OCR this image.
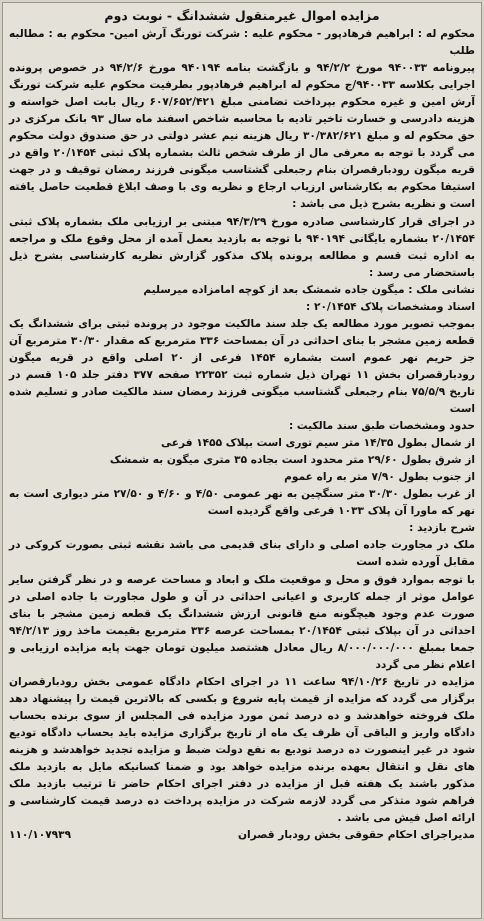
مزایده اموال غیرمنقول ششدانگ - نوبت دوم

محکوم له : ابراهیم فرهادپور - محکوم علیه : شرکت تورنگ آرش امین- محکوم به : مطالبه طلب

پیرونامه ۹۴۰۰۳۳ مورخ ۹۴/۲/۲ و بازگشت بنامه ۹۴۰۱۹۴ مورخ ۹۴/۲/۶ در خصوص پرونده اجرایی بکلاسه ۹۴۰۰۳۳/ج محکوم له ابراهیم فرهادپور بطرفیت محکوم علیه شرکت تورنگ آرش امین و غیره محکوم بپرداخت تضامنی مبلغ ۶۰۷/۶۵۲/۴۲۱ ریال بابت اصل خواسته و هزینه دادرسی و خسارت تاخیر تادیه با محاسبه شاخص اسفند ماه سال ۹۳ بانک مرکزی در حق محکوم له و مبلغ ۳۰/۳۸۲/۶۲۱ ریال هزینه نیم عشر دولتی در حق صندوق دولت محکوم می گردد با توجه به معرفی مال از طرف شخص ثالث بشماره پلاک ثبتی ۲۰/۱۴۵۴ واقع در قریه میگون رودبارقصران بنام رجبعلی گشتاسب میگونی فرزند رمضان توقیف و در جهت استیفا محکوم به بکارشناس ارزیاب ارجاع و نظریه وی با وصف ابلاغ قطعیت حاصل یافته است و نظریه بشرح ذیل می باشد :

در اجرای قرار کارشناسی صادره مورخ ۹۴/۳/۲۹ مبتنی بر ارزیابی ملک بشماره پلاک ثبتی ۲۰/۱۴۵۴ بشماره بایگانی ۹۴۰۱۹۴ با توجه به بازدید بعمل آمده از محل وقوع ملک و مراجعه به اداره ثبت قسم و مطالعه پرونده پلاک مذکور گزارش نظریه کارشناسی بشرح ذیل باستحضار می رسد :

نشانی ملک : میگون جاده شمشک بعد از کوچه امامزاده میرسلیم

اسناد ومشخصات پلاک ۲۰/۱۴۵۴ :

بموجب تصویر مورد مطالعه یک جلد سند مالکیت موجود در پرونده ثبتی برای ششدانگ یک قطعه زمین مشجر با بنای احداثی در آن بمساحت ۳۳۶ مترمربع که مقدار ۳۰/۳۰ مترمربع آن جز حریم نهر عموم است بشماره ۱۴۵۴ فرعی از ۲۰ اصلی واقع در قریه میگون رودبارقصران بخش ۱۱ تهران ذیل شماره ثبت ۲۲۳۵۲ صفحه ۳۷۷ دفتر جلد ۱۰۵ قسم در تاریخ ۷۵/۵/۹ بنام رجبعلی گشتاسب میگونی فرزند رمضان سند مالکیت صادر و تسلیم شده است

حدود ومشخصات طبق سند مالکیت :

از شمال بطول ۱۴/۳۵ متر سیم توری است بپلاک ۱۴۵۵ فرعی

از شرق بطول ۲۹/۶۰ متر محدود است بجاده ۳۵ متری میگون به شمشک

از جنوب بطول ۷/۹۰ متر به راه عموم

از غرب بطول ۳۰/۳۰ متر سنگچین به نهر عمومی ۴/۵۰ و ۴/۶۰ و ۲۷/۵۰ متر دیواری است به نهر که ماورا آن پلاک ۱۰۳۳ فرعی واقع گردیده است

شرح بازدید :

ملک در مجاورت جاده اصلی و دارای بنای قدیمی می باشد نقشه ثبتی بصورت کروکی در مقابل آورده شده است

با توجه بموارد فوق و محل و موقعیت ملک و ابعاد و مساحت عرصه و در نظر گرفتن سایر عوامل موثر از جمله کاربری و اعیانی احداثی در آن و طول مجاورت با جاده اصلی در صورت عدم وجود هیچگونه منع قانونی ارزش ششدانگ یک قطعه زمین مشجر با بنای احداثی در آن بپلاک ثبتی ۲۰/۱۴۵۴ بمساحت عرصه ۳۳۶ مترمربع بقیمت ماخذ روز ۹۴/۲/۱۳ جمعا بمبلغ ۸/۰۰۰/۰۰۰/۰۰۰ ریال معادل هشتصد میلیون تومان جهت پایه مزایده ارزیابی و اعلام نظر می گردد

مزایده در تاریخ ۹۴/۱۰/۲۶ ساعت ۱۱ در اجرای احکام دادگاه عمومی بخش رودبارقصران برگزار می گردد که مزایده از قیمت پایه شروع و بکسی که بالاترین قیمت را پیشنهاد دهد ملک فروخته خواهدشد و ده درصد ثمن مورد مزایده فی المجلس از سوی برنده بحساب دادگاه واریز و الباقی آن ظرف یک ماه از تاریخ برگزاری مزایده باید بحساب دادگاه تودیع شود در غیر اینصورت ده درصد تودیع به نفع دولت ضبط و مزایده تجدید خواهدشد و هزینه های نقل و انتقال بعهده برنده مزایده خواهد بود و ضمنا کسانیکه مایل به بازدید ملک مذکور باشند یک هفته قبل از مزایده در دفتر اجرای احکام حاضر تا ترتیب بازدید ملک فراهم شود متذکر می گردد لازمه شرکت در مزایده پرداخت ده درصد قیمت کارشناسی و ارائه اصل فیش می باشد .

مدیراجرای احکام حقوقی بخش رودبار قصران
۱۱۰/۱۰۷۹۳۹
